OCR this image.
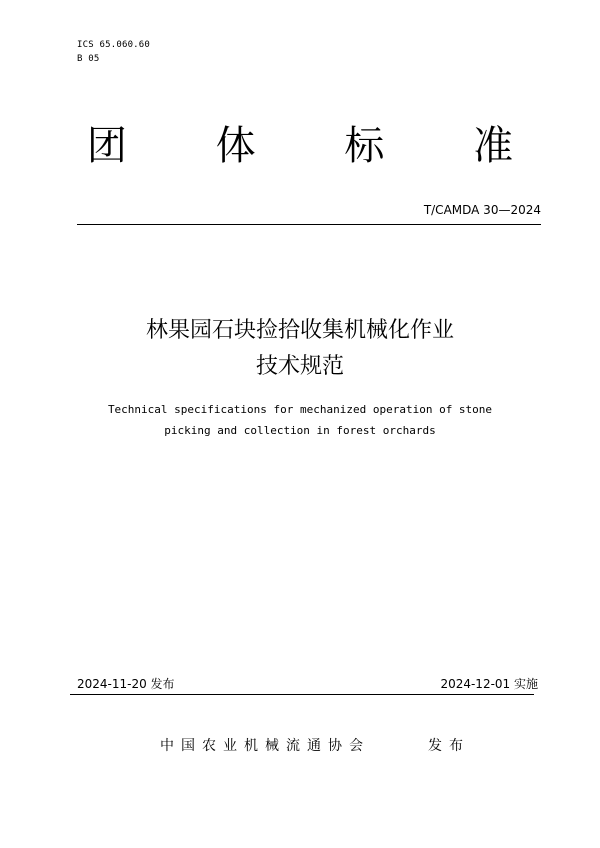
ICS 65.060.60
B 05
团 体 标 准
T/CAMDA 30—2024
林果园石块捡拾收集机械化作业
技术规范
Technical specifications for mechanized operation of stone
picking and collection in forest orchards
2024-11-20 发布	2024-12-01 实施
中国农业机械流通协会	发布
